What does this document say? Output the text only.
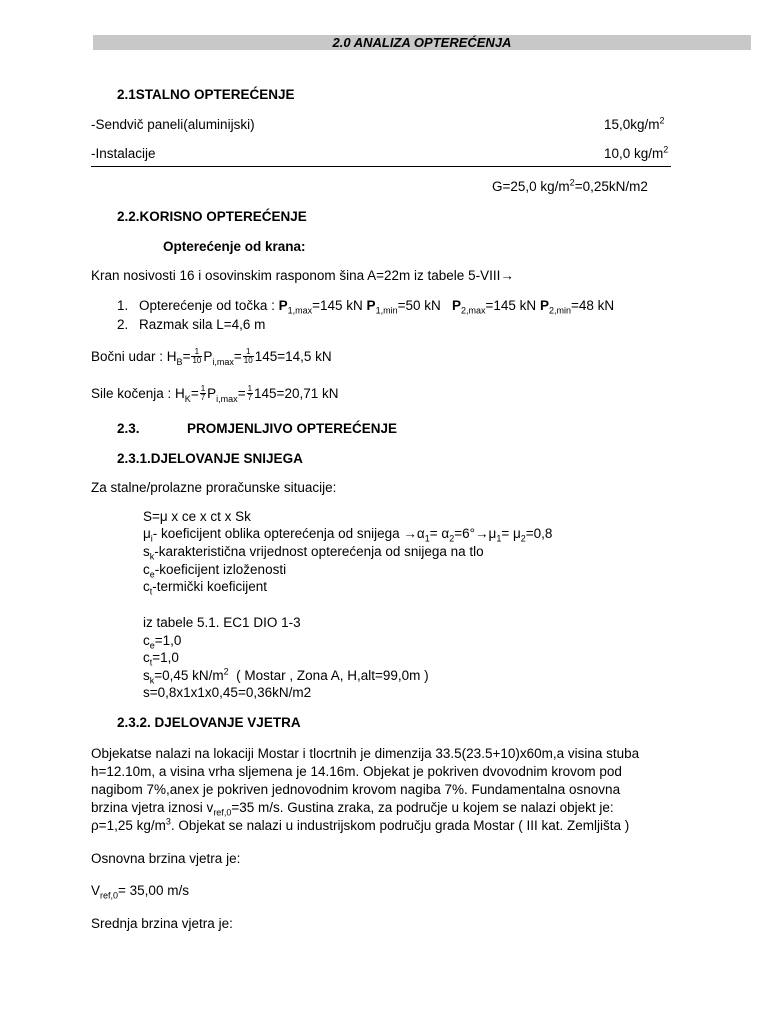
2.0 ANALIZA OPTEREĆENJA
2.1STALNO OPTEREĆENJE
-Sendvič paneli(aluminijski)	$15,0kg/m^2$
-Instalacije	10,0 $kg/m^2$
G=25,0 $kg/m^2=0,25kN/m2$
2.2.KORISNO OPTEREĆENJE
Opterećenje od krana:
Kran nosivosti 16 i osovinskim rasponom šina A=22m iz tabele 5-VIII→
1. Opterećenje od točka : $P_{1,max}=145$ kN $P_{1,min}=50$ kN   $P_{2,max}=145$ kN $P_{2,min}=48$ kN
2. Razmak sila L=4,6 m
Bočni udar : $H_B= \frac{1}{10} P_{i,max}= \frac{1}{10} 145=14,5$ kN
Sile kočenja : $H_K= \frac{1}{7} P_{i,max}= \frac{1}{7} 145=20,71$ kN
2.3.	PROMJENLJIVO OPTEREĆENJE
2.3.1.DJELOVANJE SNIJEGA
Za stalne/prolazne proračunske situacije:
S=μ x ce x ct x Sk
$\mu_i-$ koeficijent oblika opterećenja od snijega $\to\alpha_1= \alpha_2=6^\circ\to\mu_1= \mu_2=0,8$
$s_k$-karakteristična vrijednost opterećenja od snijega na tlo
$c_e$-koeficijent izloženosti
$c_t$-termički koeficijent
iz tabele 5.1. EC1 DIO 1-3
$c_e=1,0$
$c_t=1,0$
$s_k=0,45$ $kN/m^2$  ( Mostar , Zona A, H,alt=99,0m )
s=0,8x1x1x0,45=0,36kN/m2
2.3.2. DJELOVANJE VJETRA
Objekatse nalazi na lokaciji Mostar i tlocrtnih je dimenzija 33.5(23.5+10)x60m,a visina stuba
h=12.10m, a visina vrha sljemena je 14.16m. Objekat je pokriven dvovodnim krovom pod
nagibom 7%,anex je pokriven jednovodnim krovom nagiba 7%. Fundamentalna osnovna
brzina vjetra iznosi $v_{ref,0}=35$ m/s. Gustina zraka, za područje u kojem se nalazi objekt je:
ρ=1,25 $kg/m^3$. Objekat se nalazi u industrijskom području grada Mostar ( III kat. Zemljišta )
Osnovna brzina vjetra je:
$V_{ref,0}= 35,00$ m/s
Srednja brzina vjetra je:
